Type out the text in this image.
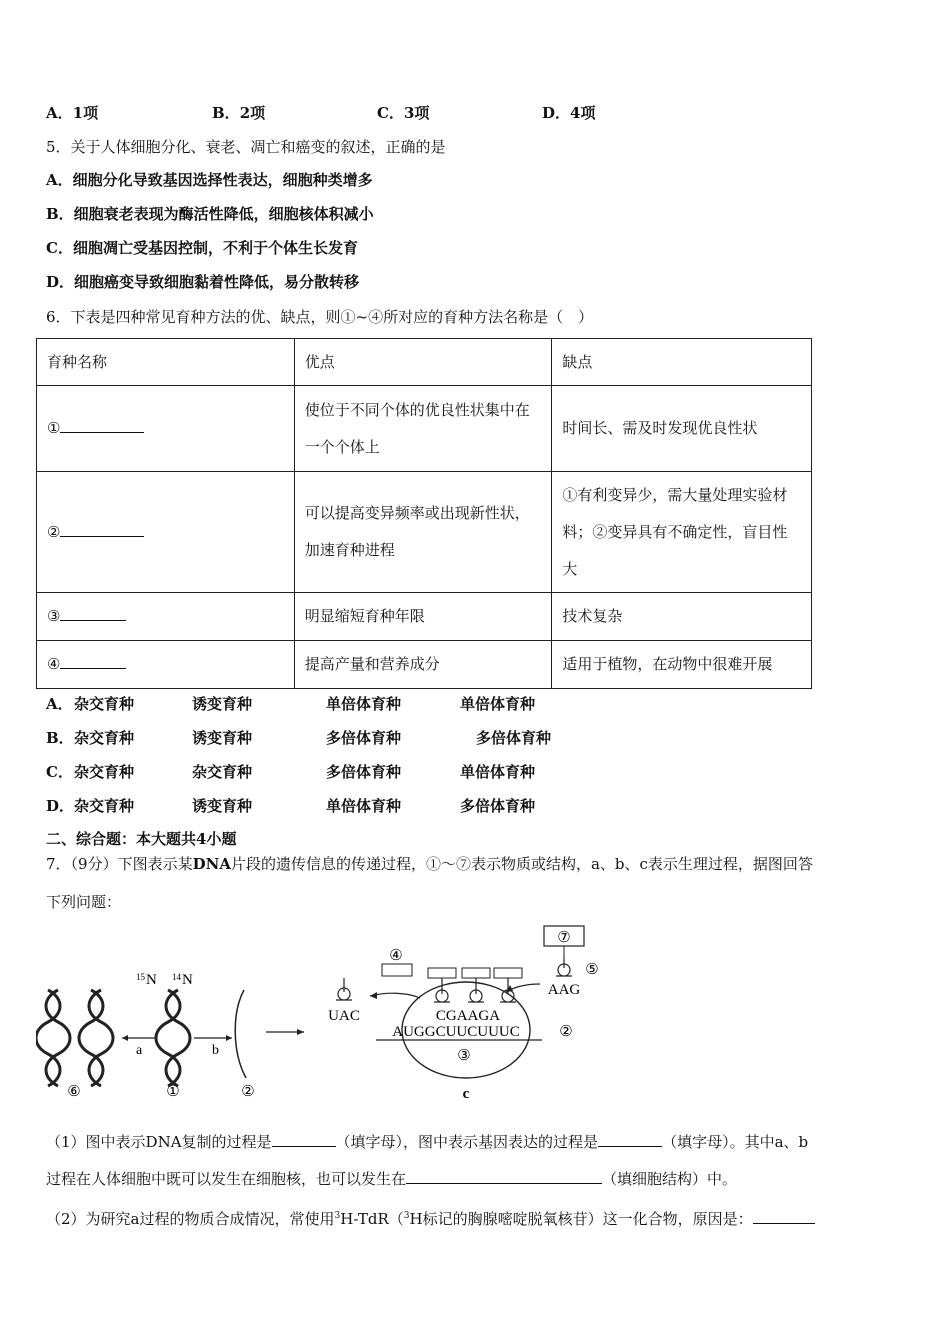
A．1项	B．2项	C．3项	D．4项
5．关于人体细胞分化、衰老、凋亡和癌变的叙述，正确的是
A．细胞分化导致基因选择性表达，细胞种类增多
B．细胞衰老表现为酶活性降低，细胞核体积减小
C．细胞凋亡受基因控制，不利于个体生长发育
D．细胞癌变导致细胞黏着性降低，易分散转移
6．下表是四种常见育种方法的优、缺点，则①~④所对应的育种方法名称是（　）
育种名称	优点	缺点
①	使位于不同个体的优良性状集中在一个个体上	时间长、需及时发现优良性状
②	可以提高变异频率或出现新性状，加速育种进程	①有利变异少，需大量处理实验材料；②变异具有不确定性，盲目性大
③	明显缩短育种年限	技术复杂
④	提高产量和营养成分	适用于植物，在动物中很难开展
A． 杂交育种	诱变育种	单倍体育种	单倍体育种
B． 杂交育种	诱变育种	多倍体育种	多倍体育种
C． 杂交育种	杂交育种	多倍体育种	单倍体育种
D． 杂交育种	诱变育种	单倍体育种	多倍体育种
二、综合题：本大题共4小题
7．（9分）下图表示某DNA片段的遗传信息的传递过程，①～⑦表示物质或结构，a、b、c表示生理过程，据图回答
下列问题：
15 N 14 N
a	b
⑥	①	②
③
④
CGAAGA
AUGGCUUCUUUC	②
UAC
⑦
⑤
AAG
c
（1）图中表示DNA复制的过程是	（填字母），图中表示基因表达的过程是	（填字母）。其中a、b
过程在人体细胞中既可以发生在细胞核，也可以发生在	（填细胞结构）中。
（2）为研究a过程的物质合成情况，常使用$^3$H-TdR（$^3$H标记的胸腺嘧啶脱氧核苷）这一化合物，原因是：
